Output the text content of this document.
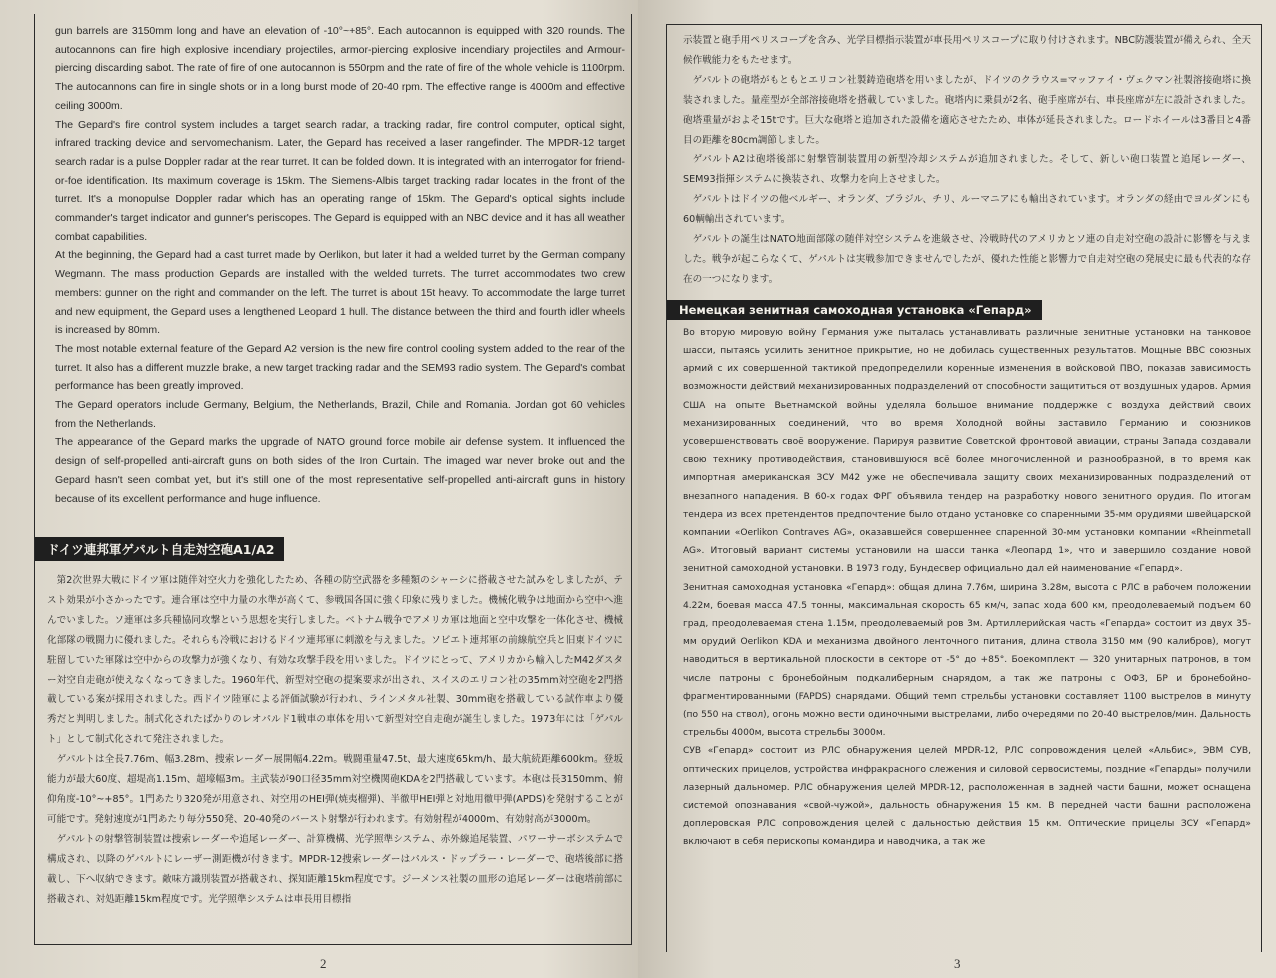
gun barrels are 3150mm long and have an elevation of -10°~+85°. Each autocannon is equipped with 320 rounds. The autocannons can fire high explosive incendiary projectiles, armor-piercing explosive incendiary projectiles and Armour-piercing discarding sabot. The rate of fire of one autocannon is 550rpm and the rate of fire of the whole vehicle is 1100rpm. The autocannons can fire in single shots or in a long burst mode of 20-40 rpm. The effective range is 4000m and effective ceiling 3000m.

The Gepard's fire control system includes a target search radar, a tracking radar, fire control computer, optical sight, infrared tracking device and servomechanism. Later, the Gepard has received a laser rangefinder. The MPDR-12 target search radar is a pulse Doppler radar at the rear turret. It can be folded down. It is integrated with an interrogator for friend-or-foe identification. Its maximum coverage is 15km. The Siemens-Albis target tracking radar locates in the front of the turret. It's a monopulse Doppler radar which has an operating range of 15km. The Gepard's optical sights include commander's target indicator and gunner's periscopes. The Gepard is equipped with an NBC device and it has all weather combat capabilities.

At the beginning, the Gepard had a cast turret made by Oerlikon, but later it had a welded turret by the German company Wegmann. The mass production Gepards are installed with the welded turrets. The turret accommodates two crew members: gunner on the right and commander on the left. The turret is about 15t heavy. To accommodate the large turret and new equipment, the Gepard uses a lengthened Leopard 1 hull. The distance between the third and fourth idler wheels is increased by 80mm.

The most notable external feature of the Gepard A2 version is the new fire control cooling system added to the rear of the turret. It also has a different muzzle brake, a new target tracking radar and the SEM93 radio system. The Gepard's combat performance has been greatly improved.

The Gepard operators include Germany, Belgium, the Netherlands, Brazil, Chile and Romania. Jordan got 60 vehicles from the Netherlands.

The appearance of the Gepard marks the upgrade of NATO ground force mobile air defense system. It influenced the design of self-propelled anti-aircraft guns on both sides of the Iron Curtain. The imaged war never broke out and the Gepard hasn't seen combat yet, but it's still one of the most representative self-propelled anti-aircraft guns in history because of its excellent performance and huge influence.

ドイツ連邦軍ゲパルト自走対空砲A1/A2

第2次世界大戦にドイツ軍は随伴対空火力を強化したため、各種の防空武器を多種類のシャーシに搭載させた試みをしましたが、テスト効果が小さかったです。連合軍は空中力量の水準が高くて、参戦国各国に強く印象に残りました。機械化戦争は地面から空中へ進んでいました。ソ連軍は多兵種協同攻撃という思想を実行しました。ベトナム戦争でアメリカ軍は地面と空中攻撃を一体化させ、機械化部隊の戦闘力に優れました。それらも冷戦におけるドイツ連邦軍に刺激を与えました。ソビエト連邦軍の前線航空兵と旧東ドイツに駐留していた軍隊は空中からの攻撃力が強くなり、有効な攻撃手段を用いました。ドイツにとって、アメリカから輸入したM42ダスター対空自走砲が使えなくなってきました。1960年代、新型対空砲の提案要求が出され、スイスのエリコン社の35mm対空砲を2門搭載している案が採用されました。西ドイツ陸軍による評価試験が行われ、ラインメタル社製、30mm砲を搭載している試作車より優秀だと判明しました。制式化されたばかりのレオパルド1戦車の車体を用いて新型対空自走砲が誕生しました。1973年には「ゲパルト」として制式化されて発注されました。

ゲパルトは全長7.76m、幅3.28m、捜索レーダー展開幅4.22m。戦闘重量47.5t、最大速度65km/h、最大航続距離600km。登坂能力が最大60度、超堤高1.15m、超壕幅3m。主武装が90口径35mm対空機関砲KDAを2門搭載しています。本砲は長3150mm、俯仰角度-10°~+85°。1門あたり320発が用意され、対空用のHEI弾(焼夷榴弾)、半徹甲HEI弾と対地用徹甲弾(APDS)を発射することが可能です。発射速度が1門あたり毎分550発、20-40発のバースト射撃が行われます。有効射程が4000m、有効射高が3000m。

ゲパルトの射撃管制装置は捜索レーダーや追尾レーダー、計算機構、光学照準システム、赤外線追尾装置、パワーサーボシステムで構成され、以降のゲパルトにレーザー測距機が付きます。MPDR-12捜索レーダーはパルス・ドップラー・レーダーで、砲塔後部に搭載し、下へ収納できます。敵味方識別装置が搭載され、探知距離15km程度です。ジーメンス社製の皿形の追尾レーダーは砲塔前部に搭載され、対処距離15km程度です。光学照準システムは車長用目標指

2

示装置と砲手用ペリスコープを含み、光学目標指示装置が車長用ペリスコープに取り付けされます。NBC防護装置が備えられ、全天候作戦能力をもたせます。

ゲパルトの砲塔がもともとエリコン社製鋳造砲塔を用いましたが、ドイツのクラウス=マッファイ・ヴェクマン社製溶接砲塔に換装されました。量産型が全部溶接砲塔を搭載していました。砲塔内に乗員が2名、砲手座席が右、車長座席が左に設計されました。砲塔重量がおよそ15tです。巨大な砲塔と追加された設備を適応させたため、車体が延長されました。ロードホイールは3番目と4番目の距離を80cm調節しました。

ゲパルトA2は砲塔後部に射撃管制装置用の新型冷却システムが追加されました。そして、新しい砲口装置と追尾レーダー、SEM93指揮システムに換装され、攻撃力を向上させました。

ゲパルトはドイツの他ベルギー、オランダ、ブラジル、チリ、ルーマニアにも輸出されています。オランダの経由でヨルダンにも60輌輸出されています。

ゲパルトの誕生はNATO地面部隊の随伴対空システムを進級させ、冷戦時代のアメリカとソ連の自走対空砲の設計に影響を与えました。戦争が起こらなくて、ゲパルトは実戦参加できませんでしたが、優れた性能と影響力で自走対空砲の発展史に最も代表的な存在の一つになります。

Немецкая зенитная самоходная установка «Гепард»

Во вторую мировую войну Германия уже пыталась устанавливать различные зенитные установки на танковое шасси, пытаясь усилить зенитное прикрытие, но не добилась существенных результатов. Мощные ВВС союзных армий с их совершенной тактикой предопределили коренные изменения в войсковой ПВО, показав зависимость возможности действий механизированных подразделений от способности защититься от воздушных ударов. Армия США на опыте Вьетнамской войны уделяла большое внимание поддержке с воздуха действий своих механизированных соединений, что во время Холодной войны заставило Германию и союзников усовершенствовать своё вооружение. Парируя развитие Советской фронтовой авиации, страны Запада создавали свою технику противодействия, становившуюся всё более многочисленной и разнообразной, в то время как импортная американская ЗСУ M42 уже не обеспечивала защиту своих механизированных подразделений от внезапного нападения. В 60-х годах ФРГ объявила тендер на разработку нового зенитного орудия. По итогам тендера из всех претендентов предпочтение было отдано установке со спаренными 35-мм орудиями швейцарской компании «Oerlikon Contraves AG», оказавшейся совершеннее спаренной 30-мм установки компании «Rheinmetall AG». Итоговый вариант системы установили на шасси танка «Леопард 1», что и завершило создание новой зенитной самоходной установки. В 1973 году, Бундесвер официально дал ей наименование «Гепард».

Зенитная самоходная установка «Гепард»: общая длина 7.76м, ширина 3.28м, высота с РЛС в рабочем положении 4.22м, боевая масса 47.5 тонны, максимальная скорость 65 км/ч, запас хода 600 км, преодолеваемый подъем 60 град, преодолеваемая стена 1.15м, преодолеваемый ров 3м. Артиллерийская часть «Гепарда» состоит из двух 35-мм орудий Oerlikon KDA и механизма двойного ленточного питания, длина ствола 3150 мм (90 калибров), могут наводиться в вертикальной плоскости в секторе от -5° до +85°. Боекомплект — 320 унитарных патронов, в том числе патроны с бронебойным подкалиберным снарядом, а так же патроны с ОФЗ, БР и бронебойно-фрагментированными (FAPDS) снарядами. Общий темп стрельбы установки составляет 1100 выстрелов в минуту (по 550 на ствол), огонь можно вести одиночными выстрелами, либо очередями по 20-40 выстрелов/мин. Дальность стрельбы 4000м, высота стрельбы 3000м.

СУВ «Гепард» состоит из РЛС обнаружения целей MPDR-12, РЛС сопровождения целей «Альбис», ЭВМ СУВ, оптических прицелов, устройства инфракрасного слежения и силовой сервосистемы, поздние «Гепарды» получили лазерный дальномер. РЛС обнаружения целей MPDR-12, расположенная в задней части башни, может оснащена системой опознавания «свой-чужой», дальность обнаружения 15 км. В передней части башни расположена доплеровская РЛС сопровождения целей с дальностью действия 15 км. Оптические прицелы ЗСУ «Гепард» включают в себя перископы командира и наводчика, а так же

3
